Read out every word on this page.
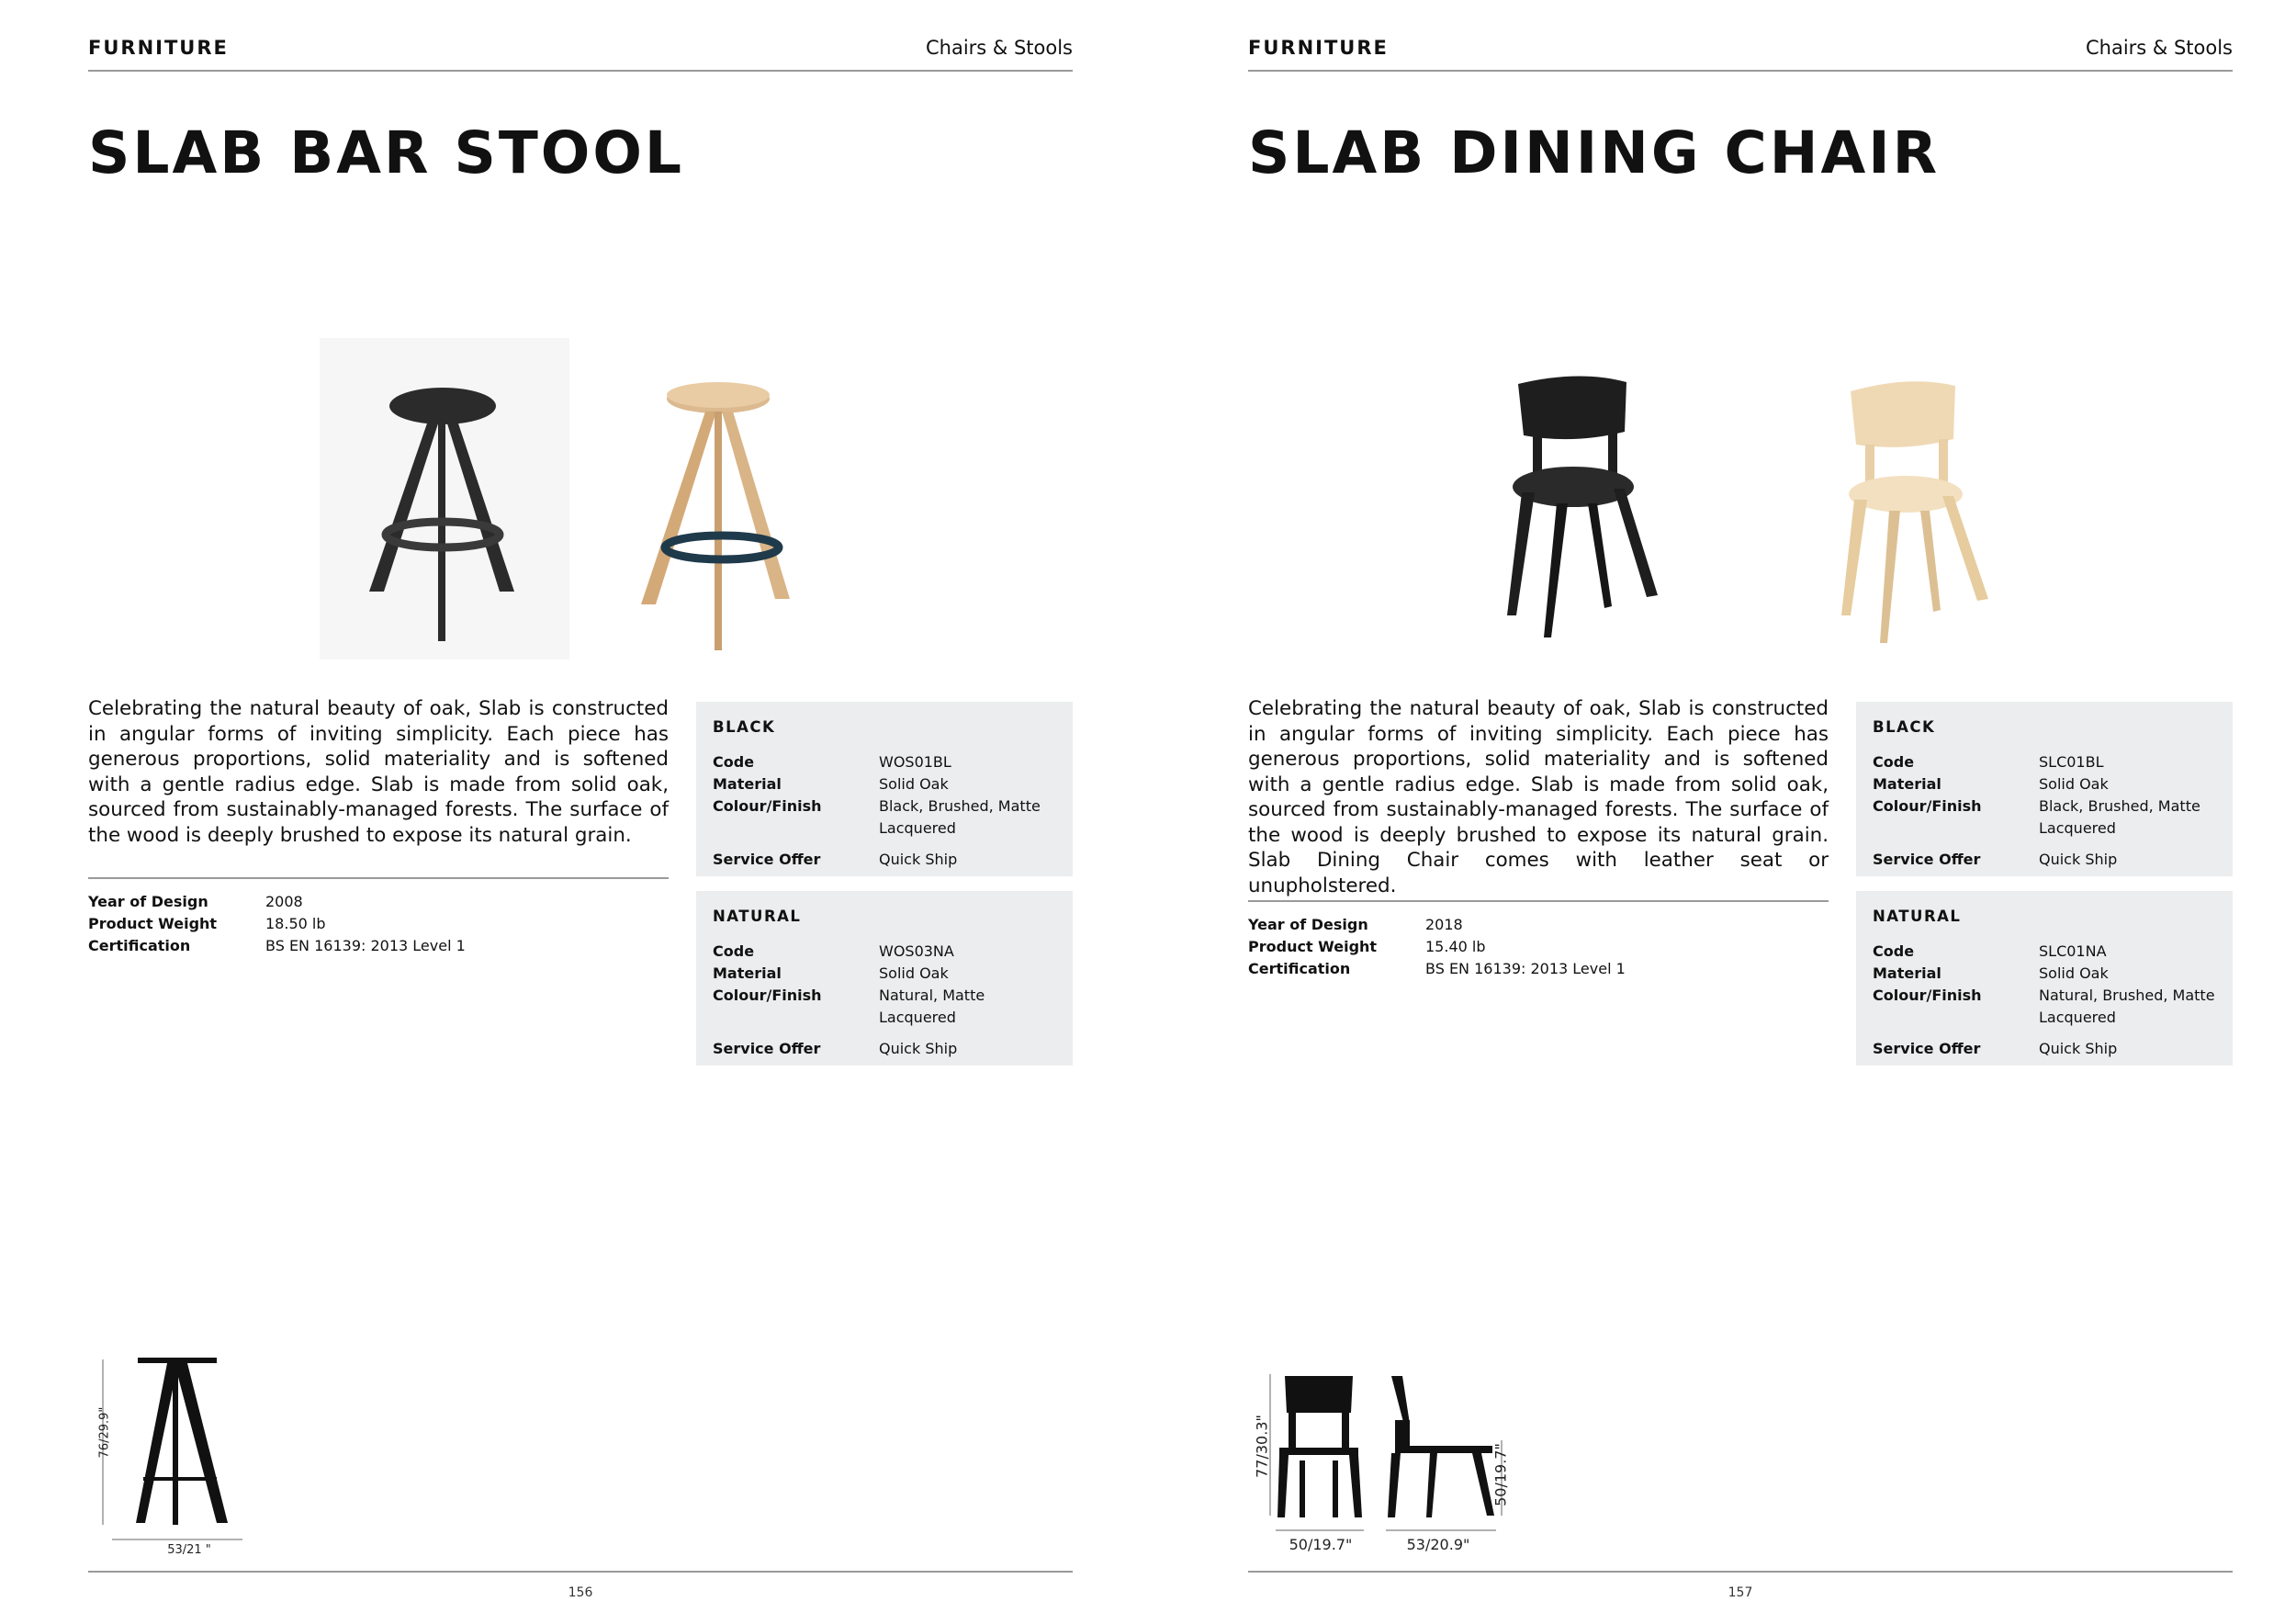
FURNITURE	Chairs & Stools
SLAB BAR STOOL
Celebrating the natural beauty of oak, Slab is constructed in angular forms of inviting simplicity. Each piece has generous proportions, solid materiality and is softened with a gentle radius edge. Slab is made from solid oak, sourced from sustainably-managed forests. The surface of the wood is deeply brushed to expose its natural grain.
Year of Design	2008
Product Weight	18.50 lb
Certification	BS EN 16139: 2013 Level 1
BLACK
Code	WOS01BL
Material	Solid Oak
Colour/Finish	Black, Brushed, Matte Lacquered
Service Offer	Quick Ship
NATURAL
Code	WOS03NA
Material	Solid Oak
Colour/Finish	Natural, Matte Lacquered
Service Offer	Quick Ship
76/29.9"
53/21 "
156
FURNITURE	Chairs & Stools
SLAB DINING CHAIR
Celebrating the natural beauty of oak, Slab is constructed in angular forms of inviting simplicity. Each piece has generous proportions, solid materiality and is softened with a gentle radius edge. Slab is made from solid oak, sourced from sustainably-managed forests. The surface of the wood is deeply brushed to expose its natural grain. Slab Dining Chair comes with leather seat or unupholstered.
Year of Design	2018
Product Weight	15.40 lb
Certification	BS EN 16139: 2013 Level 1
BLACK
Code	SLC01BL
Material	Solid Oak
Colour/Finish	Black, Brushed, Matte Lacquered
Service Offer	Quick Ship
NATURAL
Code	SLC01NA
Material	Solid Oak
Colour/Finish	Natural, Brushed, Matte Lacquered
Service Offer	Quick Ship
77/30.3"	50/19.7"
50/19.7"	53/20.9"
157
